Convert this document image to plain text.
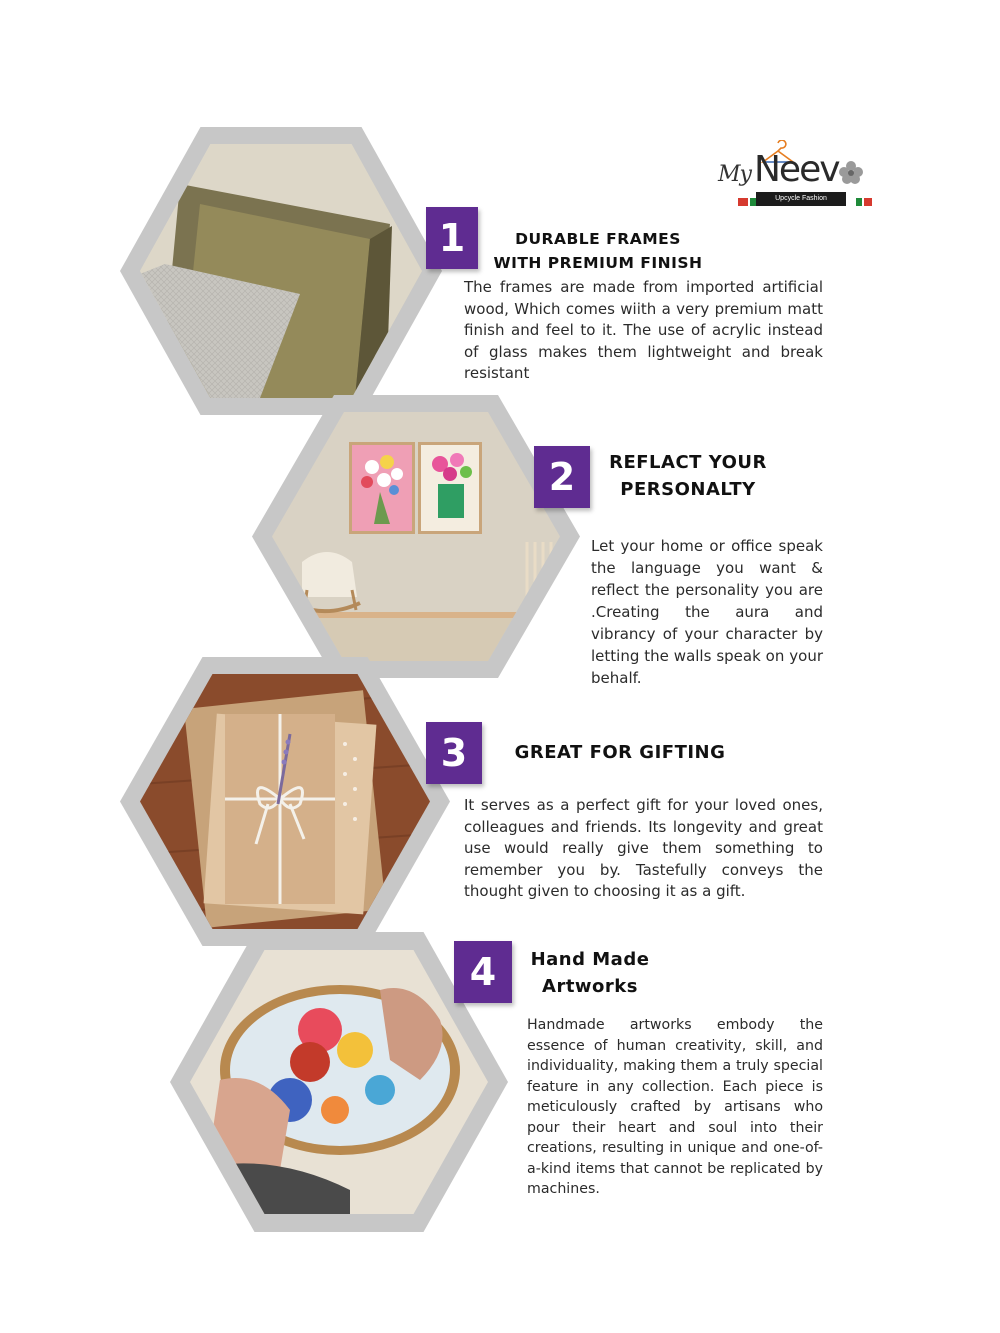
My Neev
Upcycle Fashion
1	DURABLE FRAMES
WITH PREMIUM FINISH
The frames are made from imported artificial wood, Which comes wiith a very premium matt finish and feel to it. The use of acrylic instead of glass makes them lightweight and break resistant
2	REFLACT YOUR
PERSONALTY
Let your home or office speak the language you want & reflect the personality you are .Creating the aura and vibrancy of your character by letting the walls speak on your behalf.
3	GREAT FOR GIFTING
It serves as a perfect gift for your loved ones, colleagues and friends. Its longevity and great use would really give them something to remember you by. Tastefully conveys the thought given to choosing it as a gift.
4	Hand Made
Artworks
Handmade artworks embody the essence of human creativity, skill, and individuality, making them a truly special feature in any collection. Each piece is meticulously crafted by artisans who pour their heart and soul into their creations, resulting in unique and one-of-a-kind items that cannot be replicated by machines.
